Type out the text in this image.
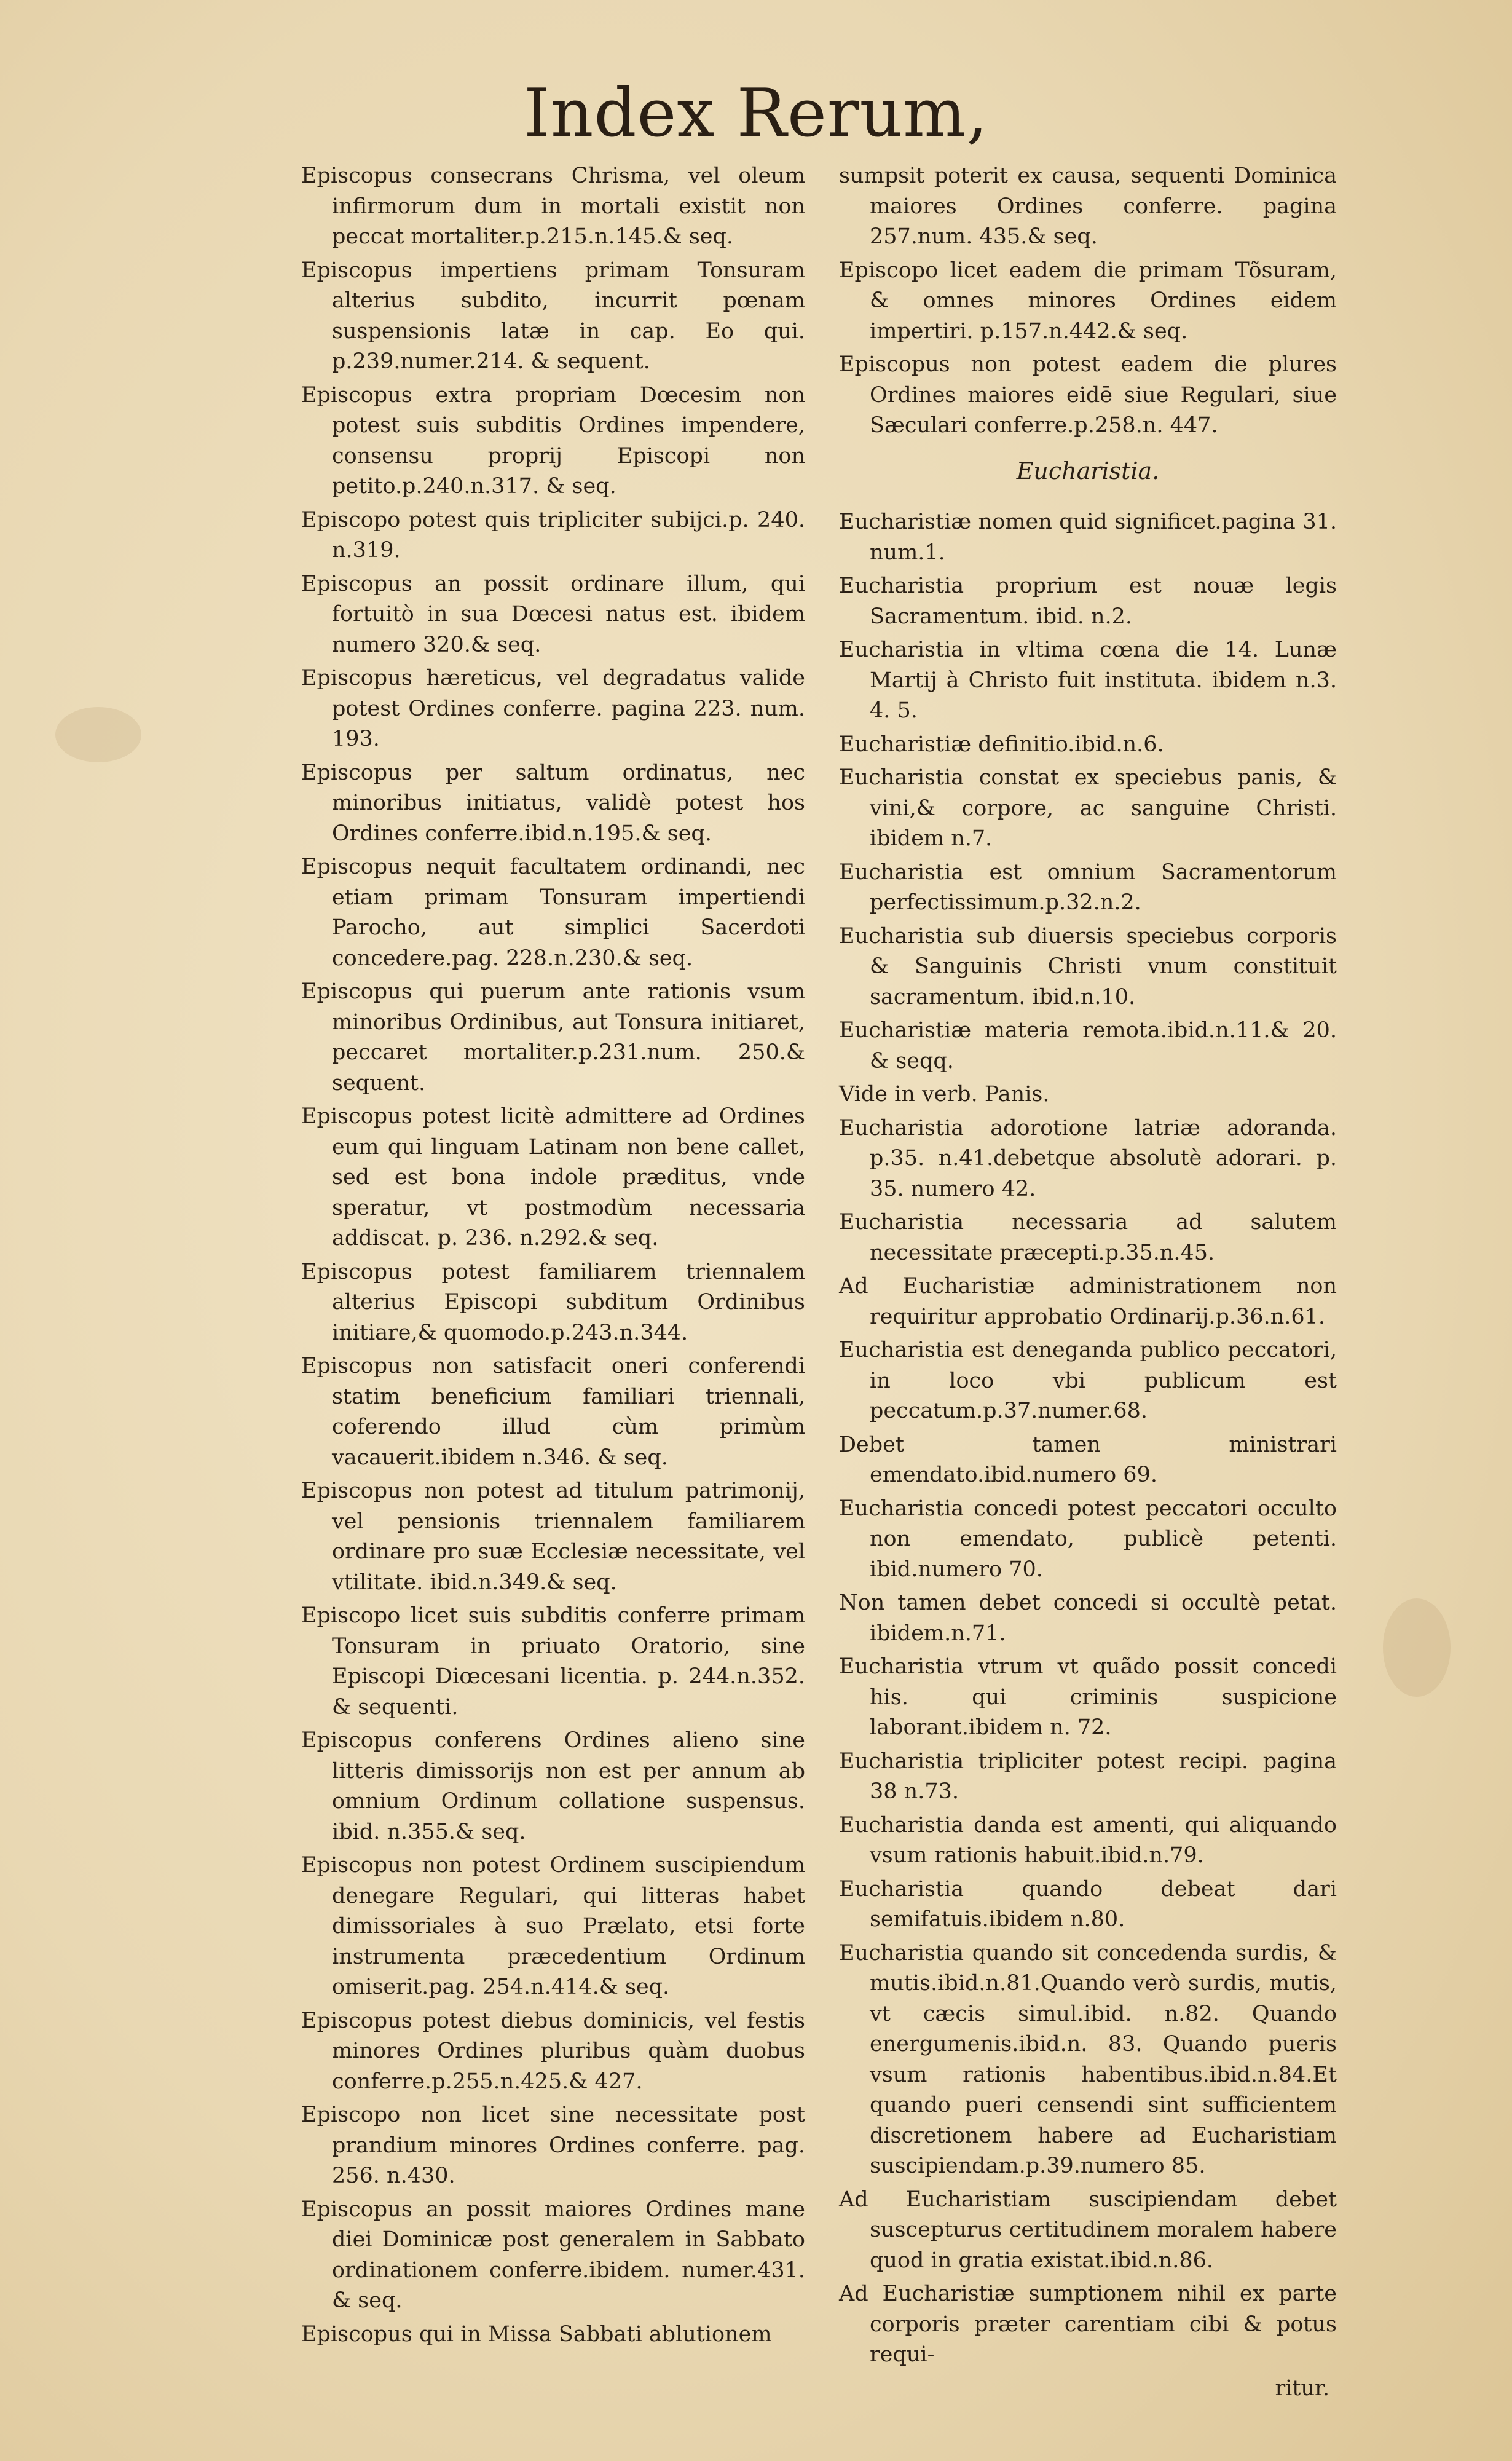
Index Rerum,

Episcopus consecrans Chrisma, vel oleum infirmorum dum in mortali existit non peccat mortaliter.p.215.n.145.& seq.

Episcopus impertiens primam Tonsuram alterius subdito, incurrit pœnam suspensionis latæ in cap. Eo qui. p.239.numer.214. & sequent.

Episcopus extra propriam Dœcesim non potest suis subditis Ordines impendere, consensu proprij Episcopi non petito.p.240.n.317. & seq.

Episcopo potest quis tripliciter subijci.p. 240. n.319.

Episcopus an possit ordinare illum, qui fortuitò in sua Dœcesi natus est. ibidem numero 320.& seq.

Episcopus hæreticus, vel degradatus valide potest Ordines conferre. pagina 223. num. 193.

Episcopus per saltum ordinatus, nec minoribus initiatus, validè potest hos Ordines conferre.ibid.n.195.& seq.

Episcopus nequit facultatem ordinandi, nec etiam primam Tonsuram impertiendi Parocho, aut simplici Sacerdoti concedere.pag. 228.n.230.& seq.

Episcopus qui puerum ante rationis vsum minoribus Ordinibus, aut Tonsura initiaret, peccaret mortaliter.p.231.num. 250.& sequent.

Episcopus potest licitè admittere ad Ordines eum qui linguam Latinam non bene callet, sed est bona indole præditus, vnde speratur, vt postmodùm necessaria addiscat. p. 236. n.292.& seq.

Episcopus potest familiarem triennalem alterius Episcopi subditum Ordinibus initiare,& quomodo.p.243.n.344.

Episcopus non satisfacit oneri conferendi statim beneficium familiari triennali, coferendo illud cùm primùm vacauerit.ibidem n.346. & seq.

Episcopus non potest ad titulum patrimonij, vel pensionis triennalem familiarem ordinare pro suæ Ecclesiæ necessitate, vel vtilitate. ibid.n.349.& seq.

Episcopo licet suis subditis conferre primam Tonsuram in priuato Oratorio, sine Episcopi Diœcesani licentia. p. 244.n.352. & sequenti.

Episcopus conferens Ordines alieno sine litteris dimissorijs non est per annum ab omnium Ordinum collatione suspensus. ibid. n.355.& seq.

Episcopus non potest Ordinem suscipiendum denegare Regulari, qui litteras habet dimissoriales à suo Prælato, etsi forte instrumenta præcedentium Ordinum omiserit.pag. 254.n.414.& seq.

Episcopus potest diebus dominicis, vel festis minores Ordines pluribus quàm duobus conferre.p.255.n.425.& 427.

Episcopo non licet sine necessitate post prandium minores Ordines conferre. pag. 256. n.430.

Episcopus an possit maiores Ordines mane diei Dominicæ post generalem in Sabbato ordinationem conferre.ibidem. numer.431. & seq.

Episcopus qui in Missa Sabbati ablutionem

sumpsit poterit ex causa, sequenti Dominica maiores Ordines conferre. pagina 257.num. 435.& seq.

Episcopo licet eadem die primam Tõsuram, & omnes minores Ordines eidem impertiri. p.157.n.442.& seq.

Episcopus non potest eadem die plures Ordines maiores eidē siue Regulari, siue Sæculari conferre.p.258.n. 447.

Eucharistia.

Eucharistiæ nomen quid significet.pagina 31. num.1.

Eucharistia proprium est nouæ legis Sacramentum. ibid. n.2.

Eucharistia in vltima cœna die 14. Lunæ Martij à Christo fuit instituta. ibidem n.3. 4. 5.

Eucharistiæ definitio.ibid.n.6.

Eucharistia constat ex speciebus panis, & vini,& corpore, ac sanguine Christi. ibidem n.7.

Eucharistia est omnium Sacramentorum perfectissimum.p.32.n.2.

Eucharistia sub diuersis speciebus corporis & Sanguinis Christi vnum constituit sacramentum. ibid.n.10.

Eucharistiæ materia remota.ibid.n.11.& 20. & seqq.

Vide in verb. Panis.

Eucharistia adorotione latriæ adoranda. p.35. n.41.debetque absolutè adorari. p. 35. numero 42.

Eucharistia necessaria ad salutem necessitate præcepti.p.35.n.45.

Ad Eucharistiæ administrationem non requiritur approbatio Ordinarij.p.36.n.61.

Eucharistia est deneganda publico peccatori, in loco vbi publicum est peccatum.p.37.numer.68.

Debet tamen ministrari emendato.ibid.numero 69.

Eucharistia concedi potest peccatori occulto non emendato, publicè petenti. ibid.numero 70.

Non tamen debet concedi si occultè petat. ibidem.n.71.

Eucharistia vtrum vt quãdo possit concedi his. qui criminis suspicione laborant.ibidem n. 72.

Eucharistia tripliciter potest recipi. pagina 38 n.73.

Eucharistia danda est amenti, qui aliquando vsum rationis habuit.ibid.n.79.

Eucharistia quando debeat dari semifatuis.ibidem n.80.

Eucharistia quando sit concedenda surdis, & mutis.ibid.n.81.Quando verò surdis, mutis, vt cæcis simul.ibid. n.82. Quando energumenis.ibid.n. 83. Quando pueris vsum rationis habentibus.ibid.n.84.Et quando pueri censendi sint sufficientem discretionem habere ad Eucharistiam suscipiendam.p.39.numero 85.

Ad Eucharistiam suscipiendam debet suscepturus certitudinem moralem habere quod in gratia existat.ibid.n.86.

Ad Eucharistiæ sumptionem nihil ex parte corporis præter carentiam cibi & potus requi-

ritur.
